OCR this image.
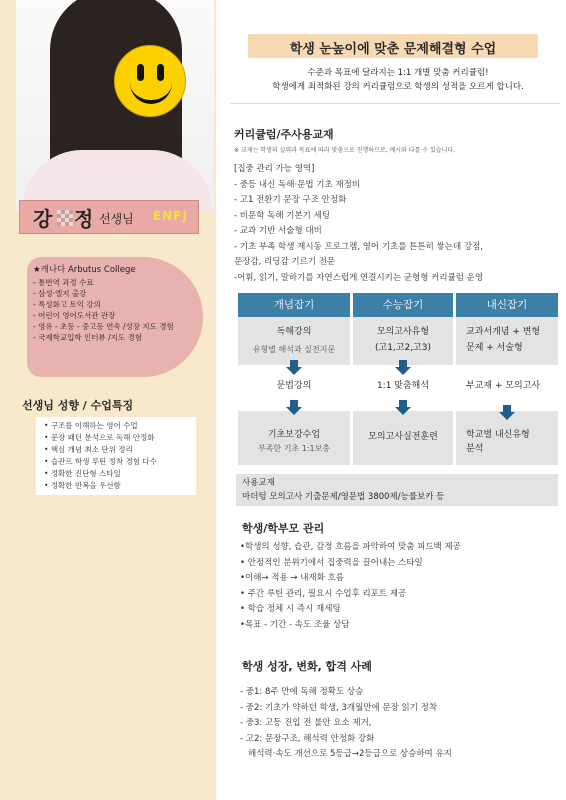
강 정 선생님 ENFJ
★캐나다 Arbutus College
- 통번역 과정 수료
- 삼성·엘지 출강
- 특성화고 토익 강의
- 어린이 영어도서관 관장
- 영유 - 초등 - 중고등 연속 /성장 지도 경험
- 국제학교입학 인터뷰 /지도 경험
선생님 성향 / 수업특징
• 구조를 이해하는 영어 수업
• 문장 패턴 분석으로 독해 안정화
• 핵심 개념 최소 단위 정리
• 습관프 학생 루틴 정착 경험 다수
• 정확한 진단형 스타일
• 정확한 반복을 우선함
학생 눈높이에 맞춘 문제해결형 수업
수준과 목표에 달라지는 1:1 개별 맞춤 커리큘럼!
학생에게 최적화된 강의 커리큘럼으로 학생의 성적을 오르게 합니다.
커리큘럼/주사용교재
※ 교재는 학생의 실력과 목표에 따라 맞춤으로 진행하므로, 예시와 다를 수 있습니다.
[집중 관리 가능 영역]
- 중등 내신 독해·문법 기초 재정비
- 고1 전환기 문장 구조 안정화
- 비문학 독해 기본기 세팅
- 교과 기반 서술형 대비
- 기초 부족 학생 재시동 프로그램, 영어 기초를 튼튼히 쌓는데 강점,
문장감, 리딩감 기르기 전문
-어휘, 읽기, 말하기를 자연스럽게 연결시키는 균형형 커리큘럼 운영
개념잡기
독해강의
유형별 해석과 실전지문
문법강의
기초보강수업
부족한 기초 1:1보충
수능잡기
모의고사유형
(고1,고2,고3)
1:1 맞춤해석
모의고사실전훈련
내신잡기
교과서개념 + 변형
문제 + 서술형
부교재 + 모의고사
학교별 내신유형
분석
사용교재
마더텅 모의고사 기출문제/영문법 3800제/능률보카 등
학생/학부모 관리
•학생의 성향, 습관, 감정 흐름을 파악하여 맞춤 피드백 제공
• 안정적인 분위기에서 집중력을 끌어내는 스타일
•이해→ 적용 → 내재화 흐름
• 주간 루틴 관리, 필요시 수업후 리포트 제공
• 학습 정체 시 즉시 재세팅
•목표 - 기간 - 속도 조율 상담
학생 성장, 변화, 합격 사례
- 중1: 8주 만에 독해 정확도 상승
- 중2: 기초가 약하던 학생, 3개월만에 문장 읽기 정착
- 중3: 고등 진입 전 불안 요소 제거,
- 고2: 문장구조, 해석력 안정화 강화
해석력·속도 개선으로 5등급→2등급으로 상승하여 유지
